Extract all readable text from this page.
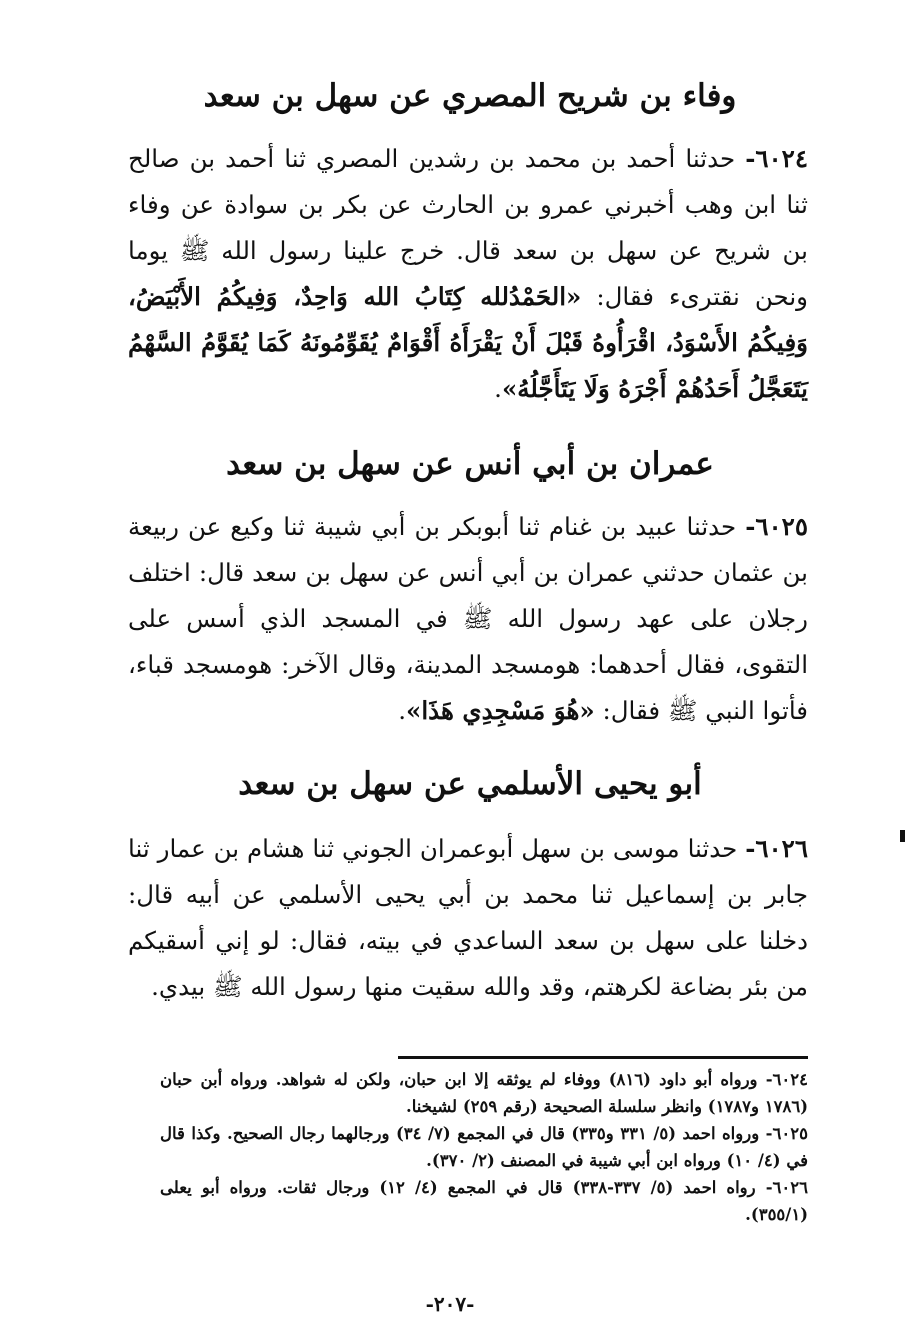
وفاء بن شريح المصري عن سهل بن سعد

٦٠٢٤- حدثنا أحمد بن محمد بن رشدين المصري ثنا أحمد بن صالح ثنا ابن وهب أخبرني عمرو بن الحارث عن بكر بن سوادة عن وفاء بن شريح عن سهل بن سعد قال. خرج علينا رسول الله ﷺ يوما ونحن نقترىء فقال: «الحَمْدُلله كِتَابُ الله وَاحِدٌ، وَفِيكُمُ الأَبْيَضُ، وَفِيكُمُ الأَسْوَدُ، اقْرَأُوهُ قَبْلَ أَنْ يَقْرَأَهُ أَقْوَامٌ يُقَوِّمُونَهُ كَمَا يُقَوَّمُ السَّهْمُ يَتَعَجَّلُ أَحَدُهُمْ أَجْرَهُ وَلَا يَتَأَجَّلُهُ».

عمران بن أبي أنس عن سهل بن سعد

٦٠٢٥- حدثنا عبيد بن غنام ثنا أبوبكر بن أبي شيبة ثنا وكيع عن ربيعة بن عثمان حدثني عمران بن أبي أنس عن سهل بن سعد قال: اختلف رجلان على عهد رسول الله ﷺ في المسجد الذي أسس على التقوى، فقال أحدهما: هومسجد المدينة، وقال الآخر: هومسجد قباء، فأتوا النبي ﷺ فقال: «هُوَ مَسْجِدِي هَذَا».

أبو يحيى الأسلمي عن سهل بن سعد

٦٠٢٦- حدثنا موسى بن سهل أبوعمران الجوني ثنا هشام بن عمار ثنا جابر بن إسماعيل ثنا محمد بن أبي يحيى الأسلمي عن أبيه قال: دخلنا على سهل بن سعد الساعدي في بيته، فقال: لو إني أسقيكم من بئر بضاعة لكرهتم، وقد والله سقيت منها رسول الله ﷺ بيدي.

٦٠٢٤- ورواه أبو داود (٨١٦) ووفاء لم يوثقه إلا ابن حبان، ولكن له شواهد. ورواه أبن حبان (١٧٨٦ و١٧٨٧) وانظر سلسلة الصحيحة (رقم ٢٥٩) لشيخنا.

٦٠٢٥- ورواه احمد (٥/ ٣٣١ و٣٣٥) قال في المجمع (٧/ ٣٤) ورجالهما رجال الصحيح. وكذا قال في (٤/ ١٠) ورواه ابن أبي شيبة في المصنف (٢/ ٣٧٠).

٦٠٢٦- رواه احمد (٥/ ٣٣٧-٣٣٨) قال في المجمع (٤/ ١٢) ورجال ثقات. ورواه أبو يعلى (٣٥٥/١).

-٢٠٧-
